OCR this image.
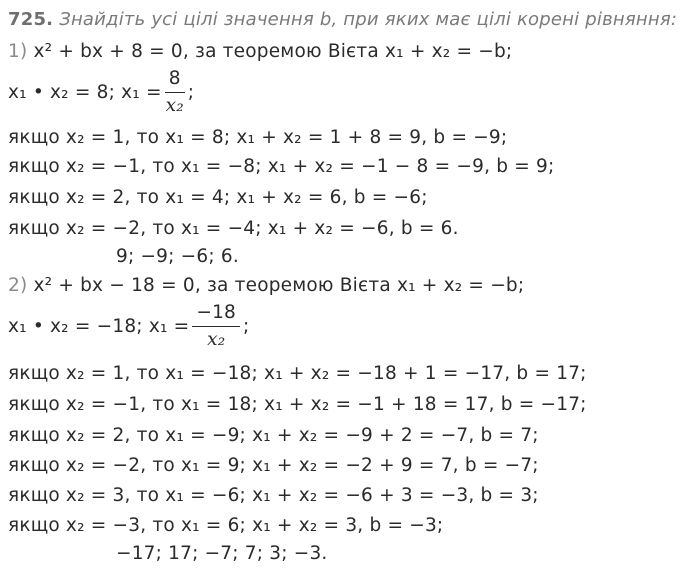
725. Знайдіть усі цілі значення b, при яких має цілі корені рівняння:
1) x² + bx + 8 = 0, за теоремою Вієта x₁ + x₂ = −b;
x₁ • x₂ = 8; $x_1 = \frac{8}{\text{x₂}}$ ;
якщо x₂ = 1, то x₁ = 8; x₁ + x₂ = 1 + 8 = 9, b = −9;
якщо x₂ = −1, то x₁ = −8; x₁ + x₂ = −1 − 8 = −9, b = 9;
якщо x₂ = 2, то x₁ = 4; x₁ + x₂ = 6, b = −6;
якщо x₂ = −2, то x₁ = −4; x₁ + x₂ = −6, b = 6.
9; −9; −6; 6.
2) x² + bx − 18 = 0, за теоремою Вієта x₁ + x₂ = −b;
x₁ • x₂ = −18; $x_1 = \frac{-18}{\text{x₂}}$ ;
якщо x₂ = 1, то x₁ = −18; x₁ + x₂ = −18 + 1 = −17, b = 17;
якщо x₂ = −1, то x₁ = 18; x₁ + x₂ = −1 + 18 = 17, b = −17;
якщо x₂ = 2, то x₁ = −9; x₁ + x₂ = −9 + 2 = −7, b = 7;
якщо x₂ = −2, то x₁ = 9; x₁ + x₂ = −2 + 9 = 7, b = −7;
якщо x₂ = 3, то x₁ = −6; x₁ + x₂ = −6 + 3 = −3, b = 3;
якщо x₂ = −3, то x₁ = 6; x₁ + x₂ = 3, b = −3;
−17; 17; −7; 7; 3; −3.
